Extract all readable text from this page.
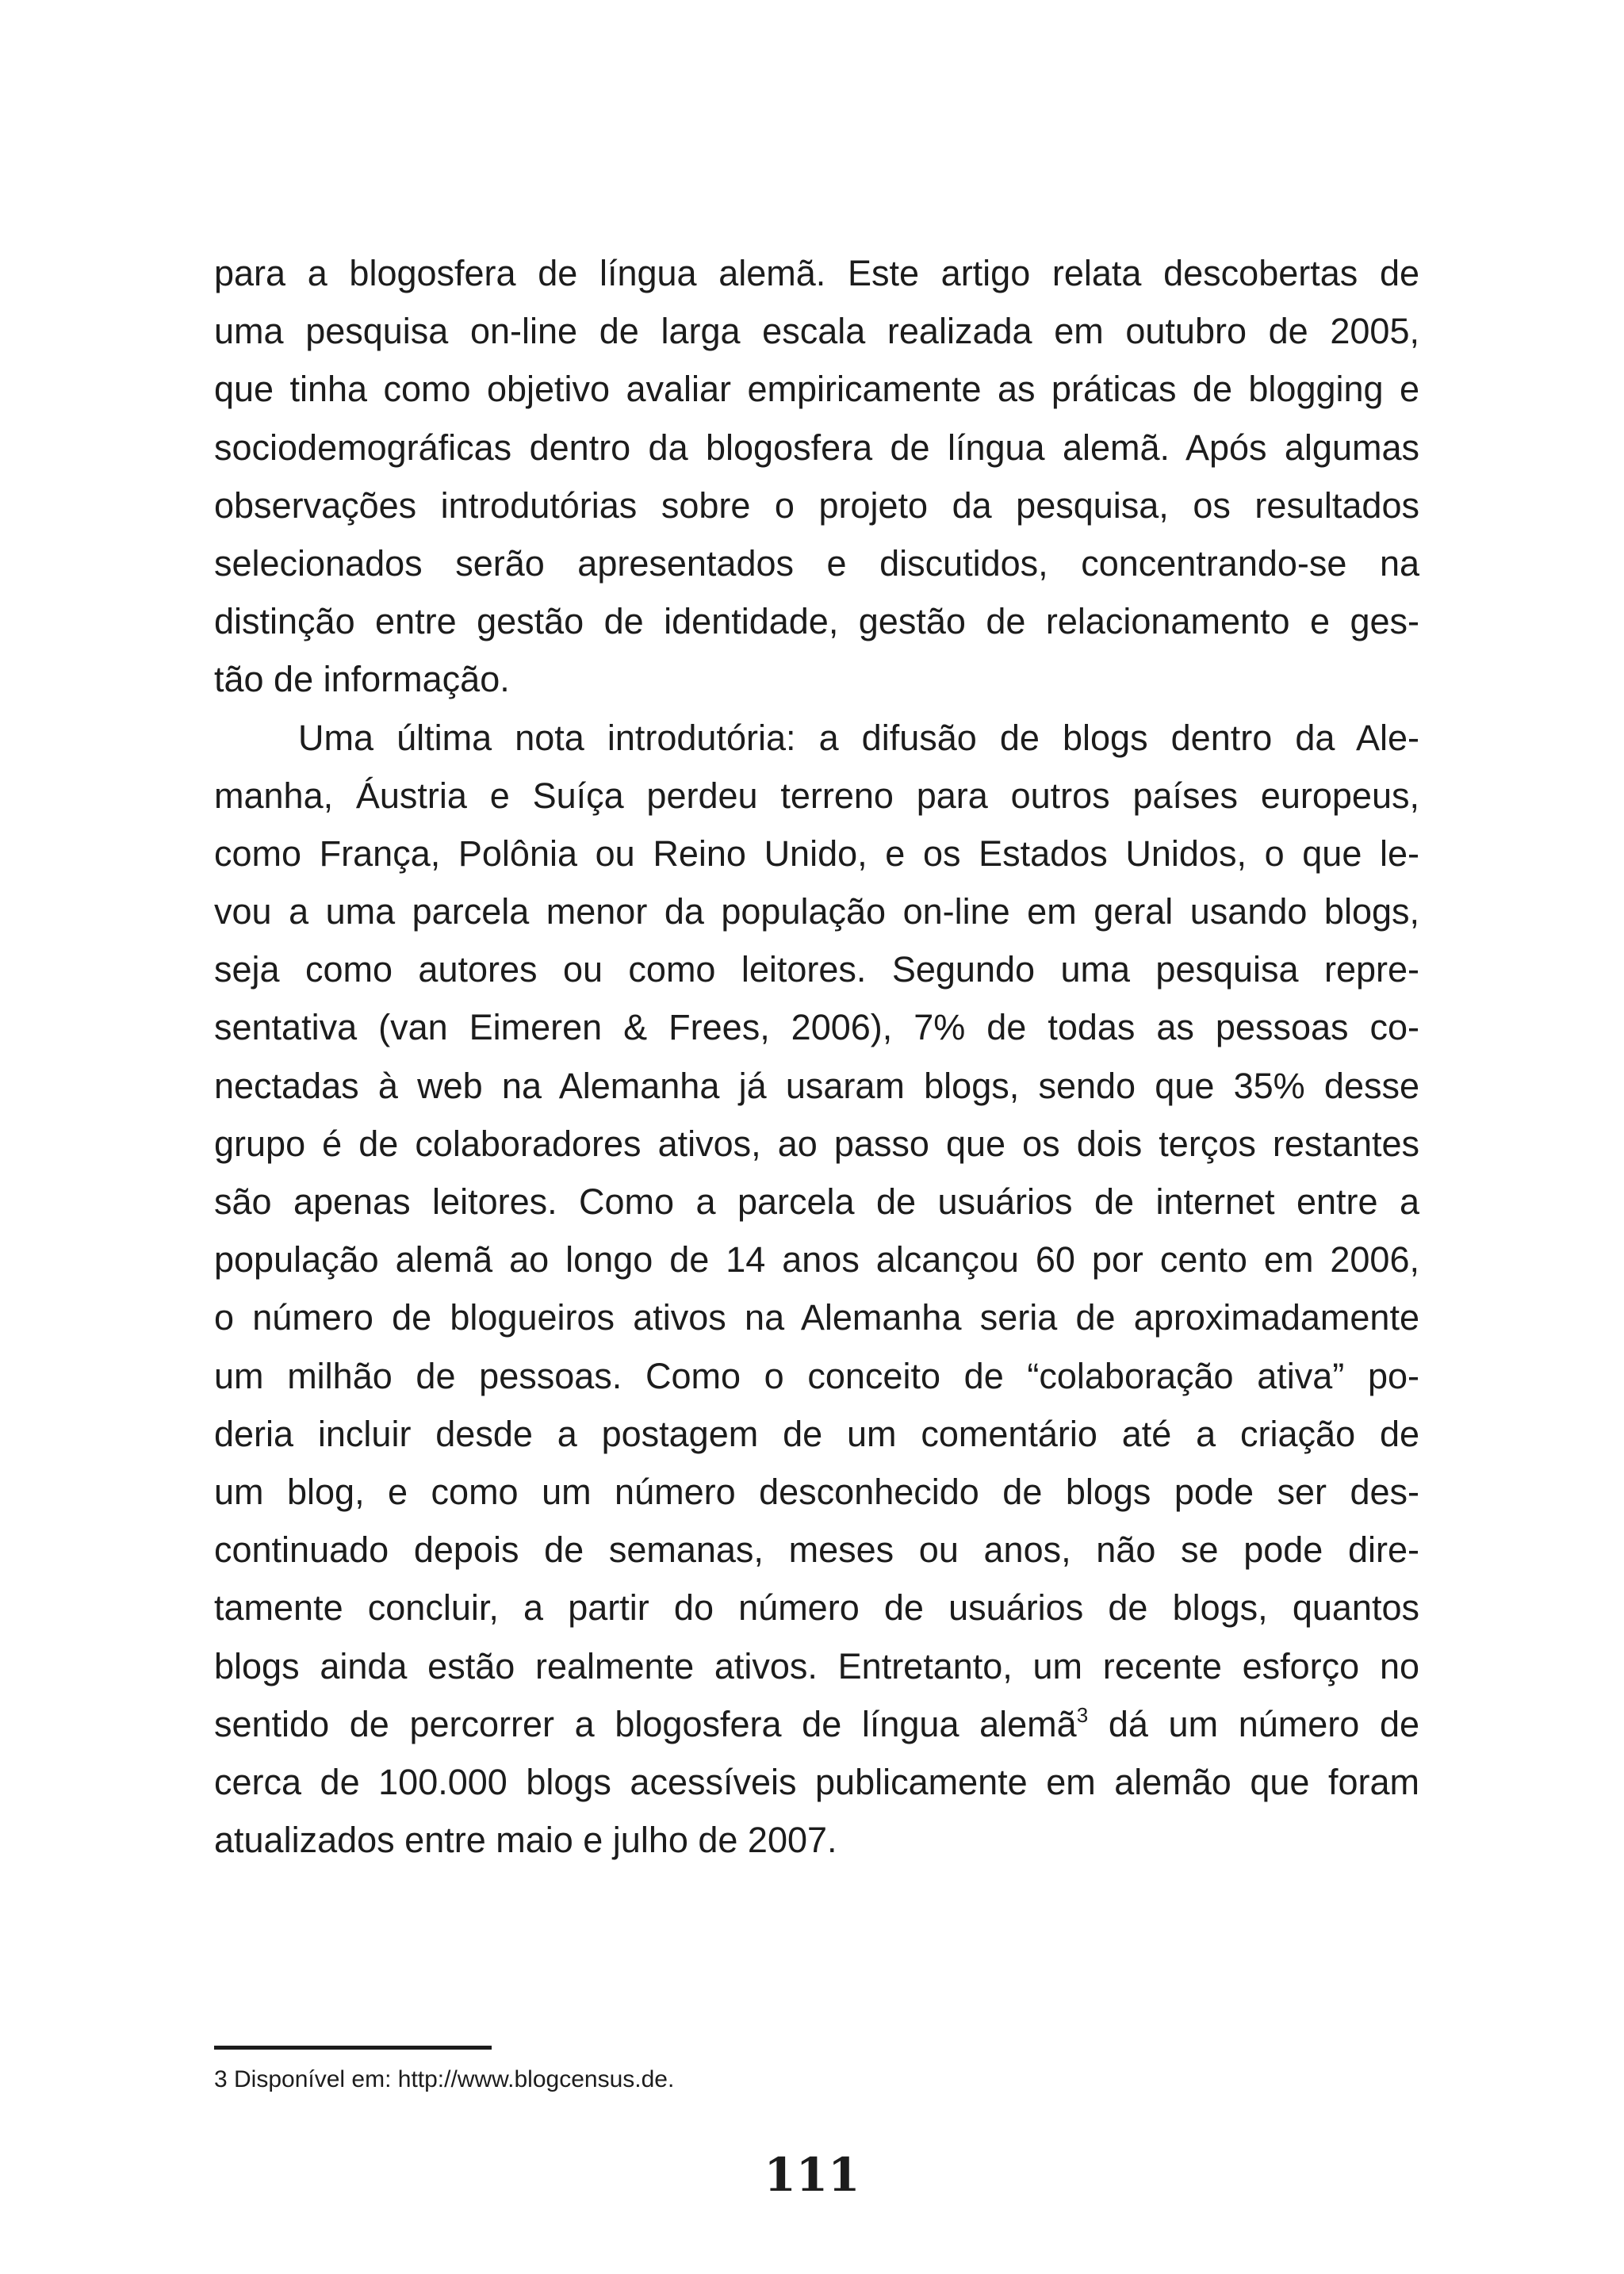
para a blogosfera de língua alemã. Este artigo relata descobertas de
uma pesquisa on-line de larga escala realizada em outubro de 2005,
que tinha como objetivo avaliar empiricamente as práticas de blogging e
sociodemográficas dentro da blogosfera de língua alemã. Após algumas
observações introdutórias sobre o projeto da pesquisa, os resultados
selecionados serão apresentados e discutidos, concentrando-se na
distinção entre gestão de identidade, gestão de relacionamento e ges-
tão de informação.
Uma última nota introdutória: a difusão de blogs dentro da Ale-
manha, Áustria e Suíça perdeu terreno para outros países europeus,
como França, Polônia ou Reino Unido, e os Estados Unidos, o que le-
vou a uma parcela menor da população on-line em geral usando blogs,
seja como autores ou como leitores. Segundo uma pesquisa repre-
sentativa (van Eimeren & Frees, 2006), 7% de todas as pessoas co-
nectadas à web na Alemanha já usaram blogs, sendo que 35% desse
grupo é de colaboradores ativos, ao passo que os dois terços restantes
são apenas leitores. Como a parcela de usuários de internet entre a
população alemã ao longo de 14 anos alcançou 60 por cento em 2006,
o número de blogueiros ativos na Alemanha seria de aproximadamente
um milhão de pessoas. Como o conceito de “colaboração ativa” po-
deria incluir desde a postagem de um comentário até a criação de
um blog, e como um número desconhecido de blogs pode ser des-
continuado depois de semanas, meses ou anos, não se pode dire-
tamente concluir, a partir do número de usuários de blogs, quantos
blogs ainda estão realmente ativos. Entretanto, um recente esforço no
sentido de percorrer a blogosfera de língua alemã$^3$ dá um número de
cerca de 100.000 blogs acessíveis publicamente em alemão que foram
atualizados entre maio e julho de 2007.
3 Disponível em: http://www.blogcensus.de.
111
